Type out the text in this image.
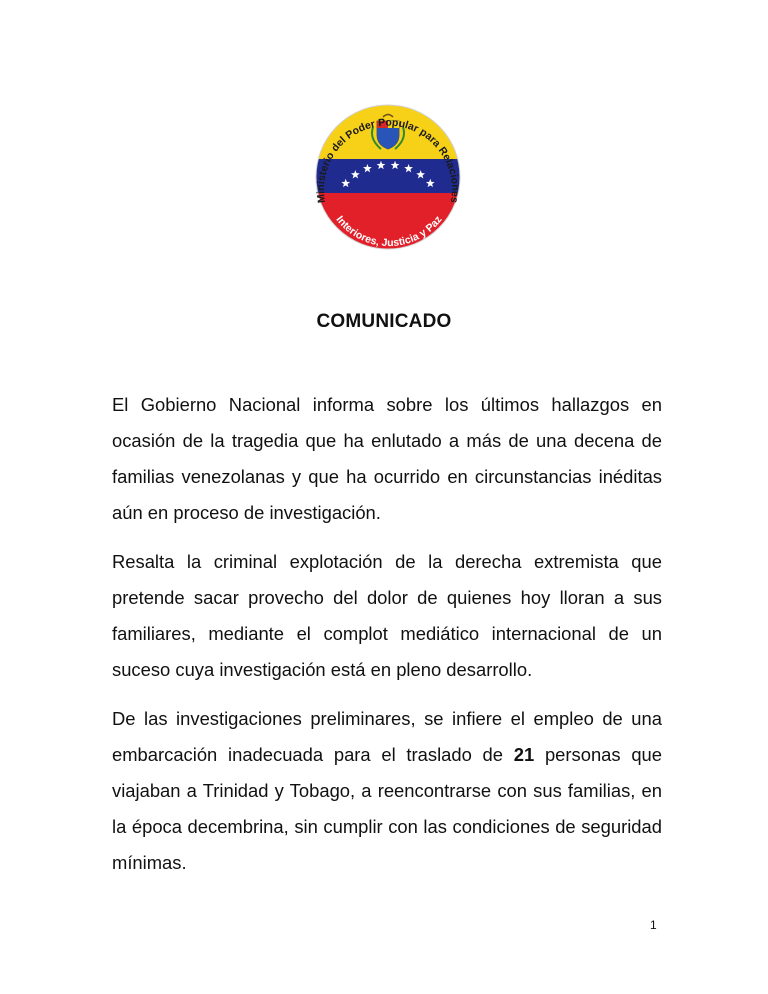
Ministerio del Poder Popular para Relaciones
Interiores, Justicia y Paz
COMUNICADO

El Gobierno Nacional informa sobre los últimos hallazgos en ocasión de la tragedia que ha enlutado a más de una decena de familias venezolanas y que ha ocurrido en circunstancias inéditas aún en proceso de investigación.

Resalta la criminal explotación de la derecha extremista que pretende sacar provecho del dolor de quienes hoy lloran a sus familiares, mediante el complot mediático internacional de un suceso cuya investigación está en pleno desarrollo.

De las investigaciones preliminares, se infiere el empleo de una embarcación inadecuada para el traslado de 21 personas que viajaban a Trinidad y Tobago, a reencontrarse con sus familias, en la época decembrina, sin cumplir con las condiciones de seguridad mínimas.

1
